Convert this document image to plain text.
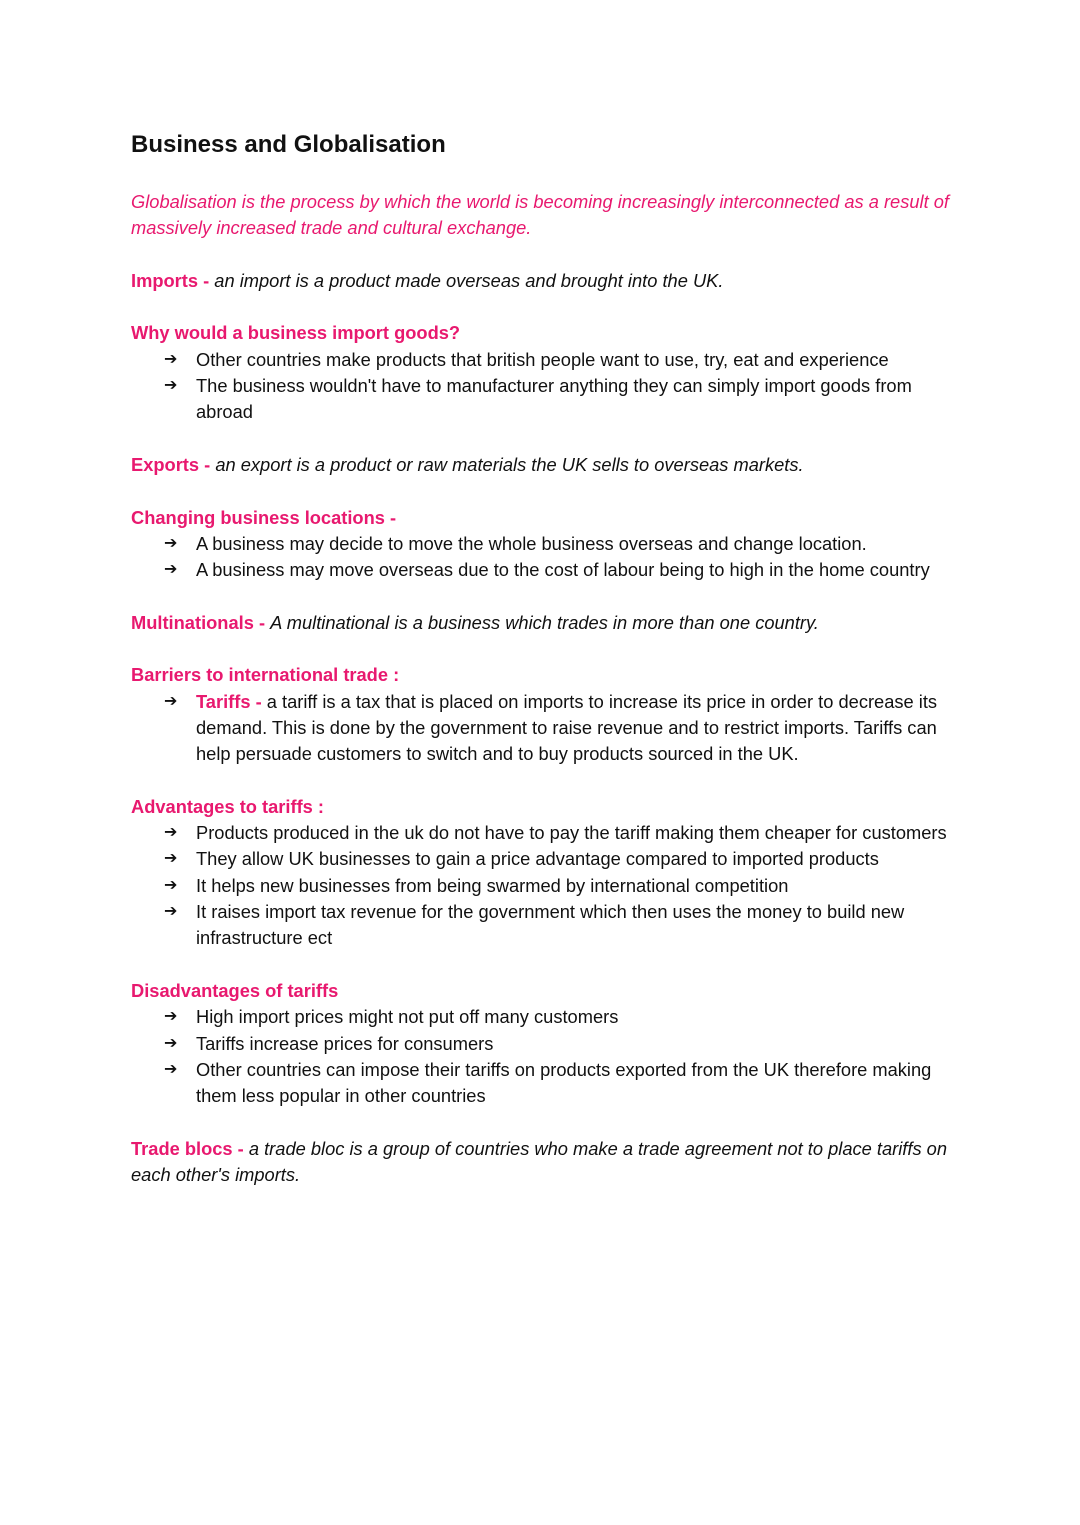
Business and Globalisation

Globalisation is the process by which the world is becoming increasingly interconnected as a result of massively increased trade and cultural exchange.

Imports - an import is a product made overseas and brought into the UK.

Why would a business import goods?
➔ Other countries make products that british people want to use, try, eat and experience
➔ The business wouldn't have to manufacturer anything they can simply import goods from abroad

Exports - an export is a product or raw materials the UK sells to overseas markets.

Changing business locations -
➔ A business may decide to move the whole business overseas and change location.
➔ A business may move overseas due to the cost of labour being to high in the home country

Multinationals - A multinational is a business which trades in more than one country.

Barriers to international trade :
➔ Tariffs - a tariff is a tax that is placed on imports to increase its price in order to decrease its demand. This is done by the government to raise revenue and to restrict imports. Tariffs can help persuade customers to switch and to buy products sourced in the UK.
Advantages to tariffs :
➔ Products produced in the uk do not have to pay the tariff making them cheaper for customers
➔ They allow UK businesses to gain a price advantage compared to imported products
➔ It helps new businesses from being swarmed by international competition
➔ It raises import tax revenue for the government which then uses the money to build new infrastructure ect
Disadvantages of tariffs
➔ High import prices might not put off many customers
➔ Tariffs increase prices for consumers
➔ Other countries can impose their tariffs on products exported from the UK therefore making them less popular in other countries

Trade blocs - a trade bloc is a group of countries who make a trade agreement not to place tariffs on each other's imports.
